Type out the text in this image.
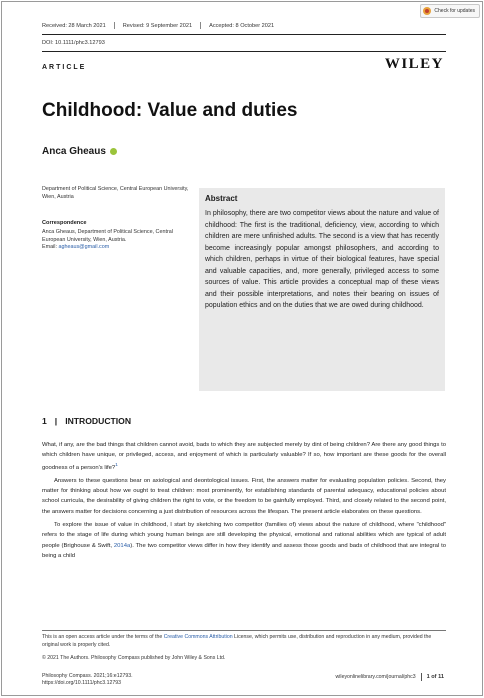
Check for updates
Received: 28 March 2021	Revised: 9 September 2021	Accepted: 8 October 2021
DOI: 10.1111/phc3.12793
ARTICLE	WILEY
Childhood: Value and duties
Anca Gheaus
Department of Political Science, Central European University, Wien, Austria
Correspondence
Anca Gheaus, Department of Political Science, Central European University, Wien, Austria.
Email: agheaus@gmail.com
Abstract

In philosophy, there are two competitor views about the nature and value of childhood: The first is the traditional, deficiency, view, according to which children are mere unfinished adults. The second is a view that has recently become increasingly popular amongst philosophers, and according to which children, perhaps in virtue of their biological features, have special and valuable capacities, and, more generally, privileged access to some sources of value. This article provides a conceptual map of these views and their possible interpretations, and notes their bearing on issues of population ethics and on the duties that we are owed during childhood.

1 | INTRODUCTION

What, if any, are the bad things that children cannot avoid, bads to which they are subjected merely by dint of being children? Are there any good things to which children have unique, or privileged, access, and enjoyment of which is particularly valuable? If so, how important are these goods for the overall goodness of a person's life?$^1$

Answers to these questions bear on axiological and deontological issues. First, the answers matter for evaluating population policies. Second, they matter for thinking about how we ought to treat children: most prominently, for establishing standards of parental adequacy, educational policies about school curricula, the desirability of giving children the right to vote, or the freedom to be gainfully employed. Third, and closely related to the second point, the answers matter for decisions concerning a just distribution of resources across the lifespan. The present article elaborates on these questions.

To explore the issue of value in childhood, I start by sketching two competitor (families of) views about the nature of childhood, where "childhood" refers to the stage of life during which young human beings are still developing the physical, emotional and rational abilities which are typical of adult people (Brighouse & Swift, 2014a). The two competitor views differ in how they identify and assess those goods and bads of childhood that are integral to being a child

This is an open access article under the terms of the Creative Commons Attribution License, which permits use, distribution and reproduction in any medium, provided the original work is properly cited.
© 2021 The Authors. Philosophy Compass published by John Wiley & Sons Ltd.
Philosophy Compass. 2021;16:e12793.
https://doi.org/10.1111/phc3.12793
wileyonlinelibrary.com/journal/phc3 1 of 11
